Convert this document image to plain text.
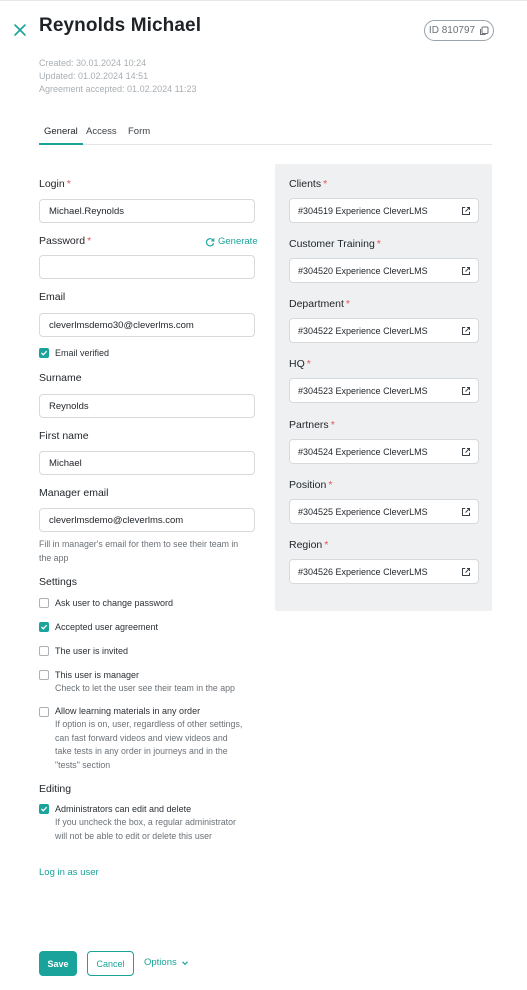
Reynolds Michael	ID 810797
Created: 30.01.2024 10:24
Updated: 01.02.2024 14:51
Agreement accepted: 01.02.2024 11:23
General Access Form
Login *
Michael.Reynolds
Password *	Generate
Email
cleverlmsdemo30@cleverlms.com
Email verified
Surname
Reynolds
First name
Michael
Manager email
cleverlmsdemo@cleverlms.com
Fill in manager's email for them to see their team in
the app
Settings
Ask user to change password
Accepted user agreement
The user is invited
This user is manager
Check to let the user see their team in the app
Allow learning materials in any order
If option is on, user, regardless of other settings,
can fast forward videos and view videos and
take tests in any order in journeys and in the
"tests" section
Editing
Administrators can edit and delete
If you uncheck the box, a regular administrator
will not be able to edit or delete this user
Log in as user
Clients *
#304519 Experience CleverLMS
Customer Training *
#304520 Experience CleverLMS
Department *
#304522 Experience CleverLMS
HQ *
#304523 Experience CleverLMS
Partners *
#304524 Experience CleverLMS
Position *
#304525 Experience CleverLMS
Region *
#304526 Experience CleverLMS
Save	Cancel	Options
